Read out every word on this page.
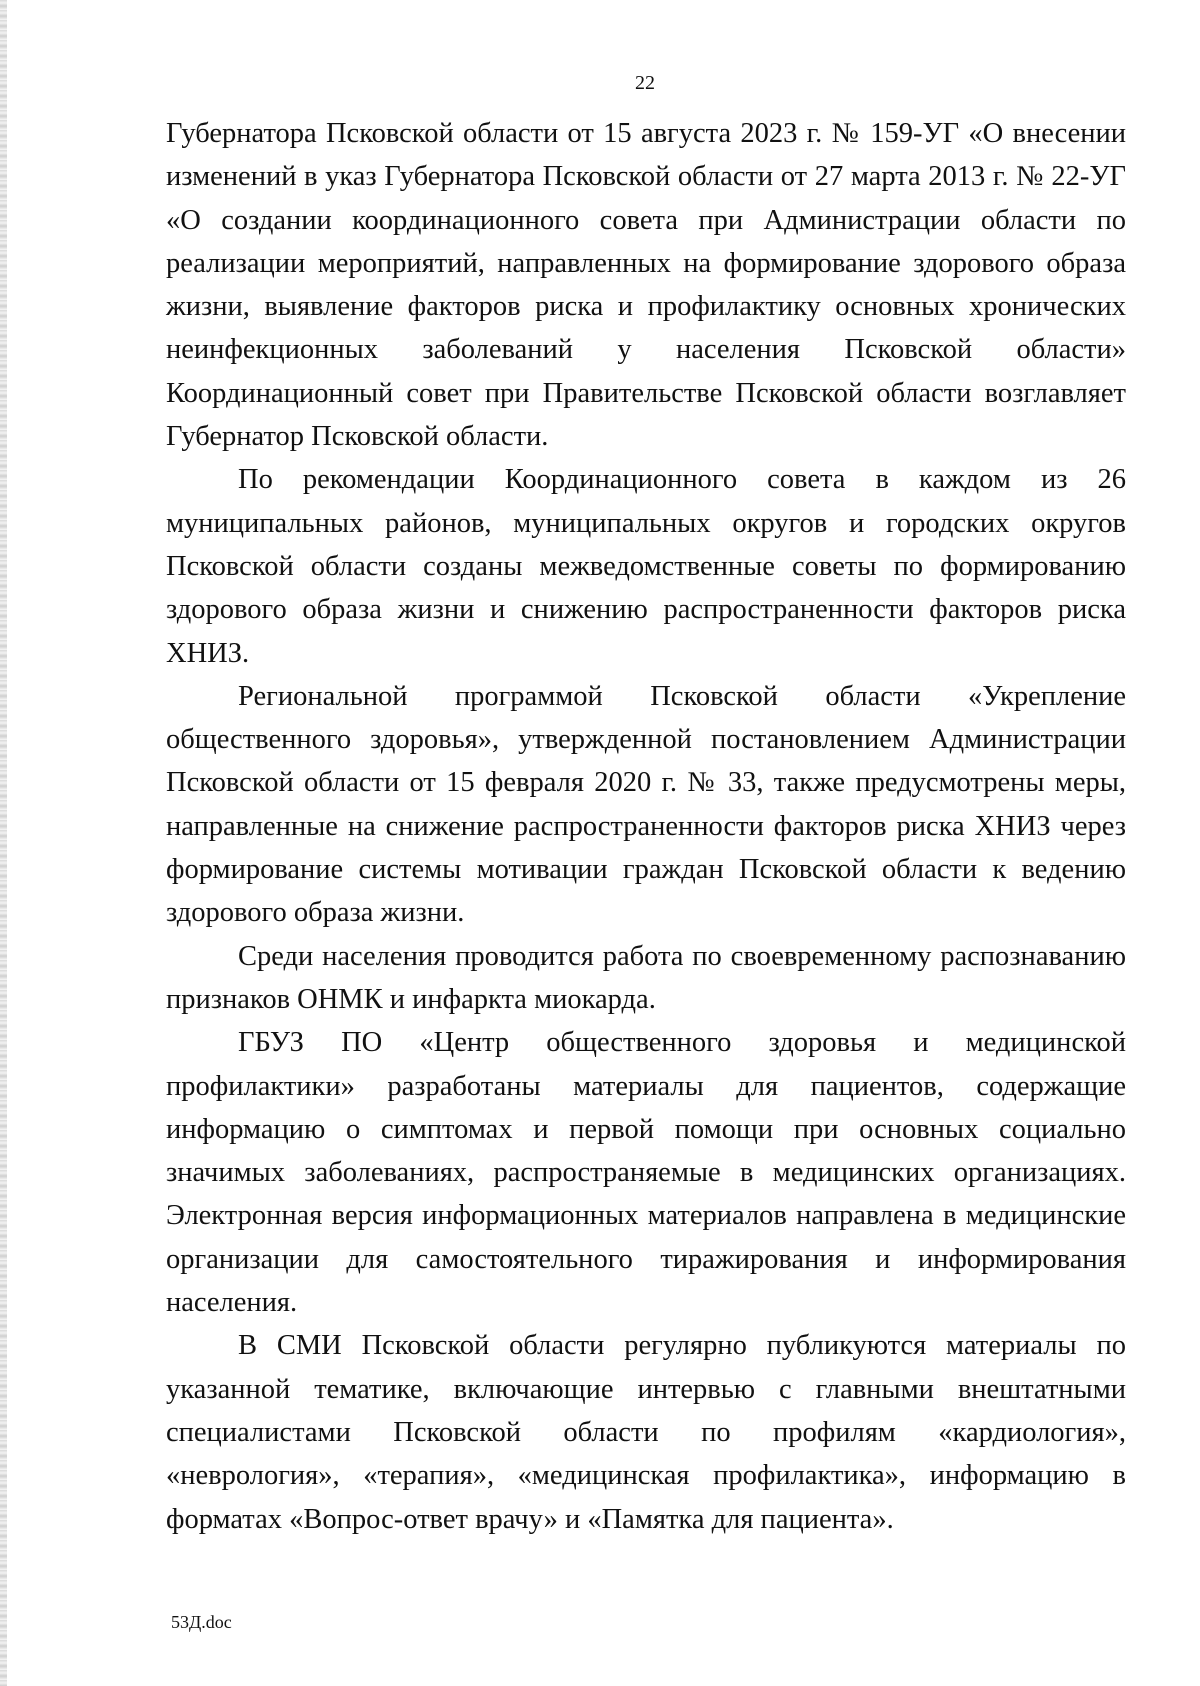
22

Губернатора Псковской области от 15 августа 2023 г. № 159-УГ «О внесении изменений в указ Губернатора Псковской области от 27 марта 2013 г. № 22-УГ «О создании координационного совета при Администрации области по реализации мероприятий, направленных на формирование здорового образа жизни, выявление факторов риска и профилактику основных хронических неинфекционных заболеваний у населения Псковской области» Координационный совет при Правительстве Псковской области возглавляет Губернатор Псковской области.

По рекомендации Координационного совета в каждом из 26 муниципальных районов, муниципальных округов и городских округов Псковской области созданы межведомственные советы по формированию здорового образа жизни и снижению распространенности факторов риска ХНИЗ.

Региональной программой Псковской области «Укрепление общественного здоровья», утвержденной постановлением Администрации Псковской области от 15 февраля 2020 г. № 33, также предусмотрены меры, направленные на снижение распространенности факторов риска ХНИЗ через формирование системы мотивации граждан Псковской области к ведению здорового образа жизни.

Среди населения проводится работа по своевременному распознаванию признаков ОНМК и инфаркта миокарда.

ГБУЗ ПО «Центр общественного здоровья и медицинской профилактики» разработаны материалы для пациентов, содержащие информацию о симптомах и первой помощи при основных социально значимых заболеваниях, распространяемые в медицинских организациях. Электронная версия информационных материалов направлена в медицинские организации для самостоятельного тиражирования и информирования населения.

В СМИ Псковской области регулярно публикуются материалы по указанной тематике, включающие интервью с главными внештатными специалистами Псковской области по профилям «кардиология», «неврология», «терапия», «медицинская профилактика», информацию в форматах «Вопрос-ответ врачу» и «Памятка для пациента».

53Д.doc
